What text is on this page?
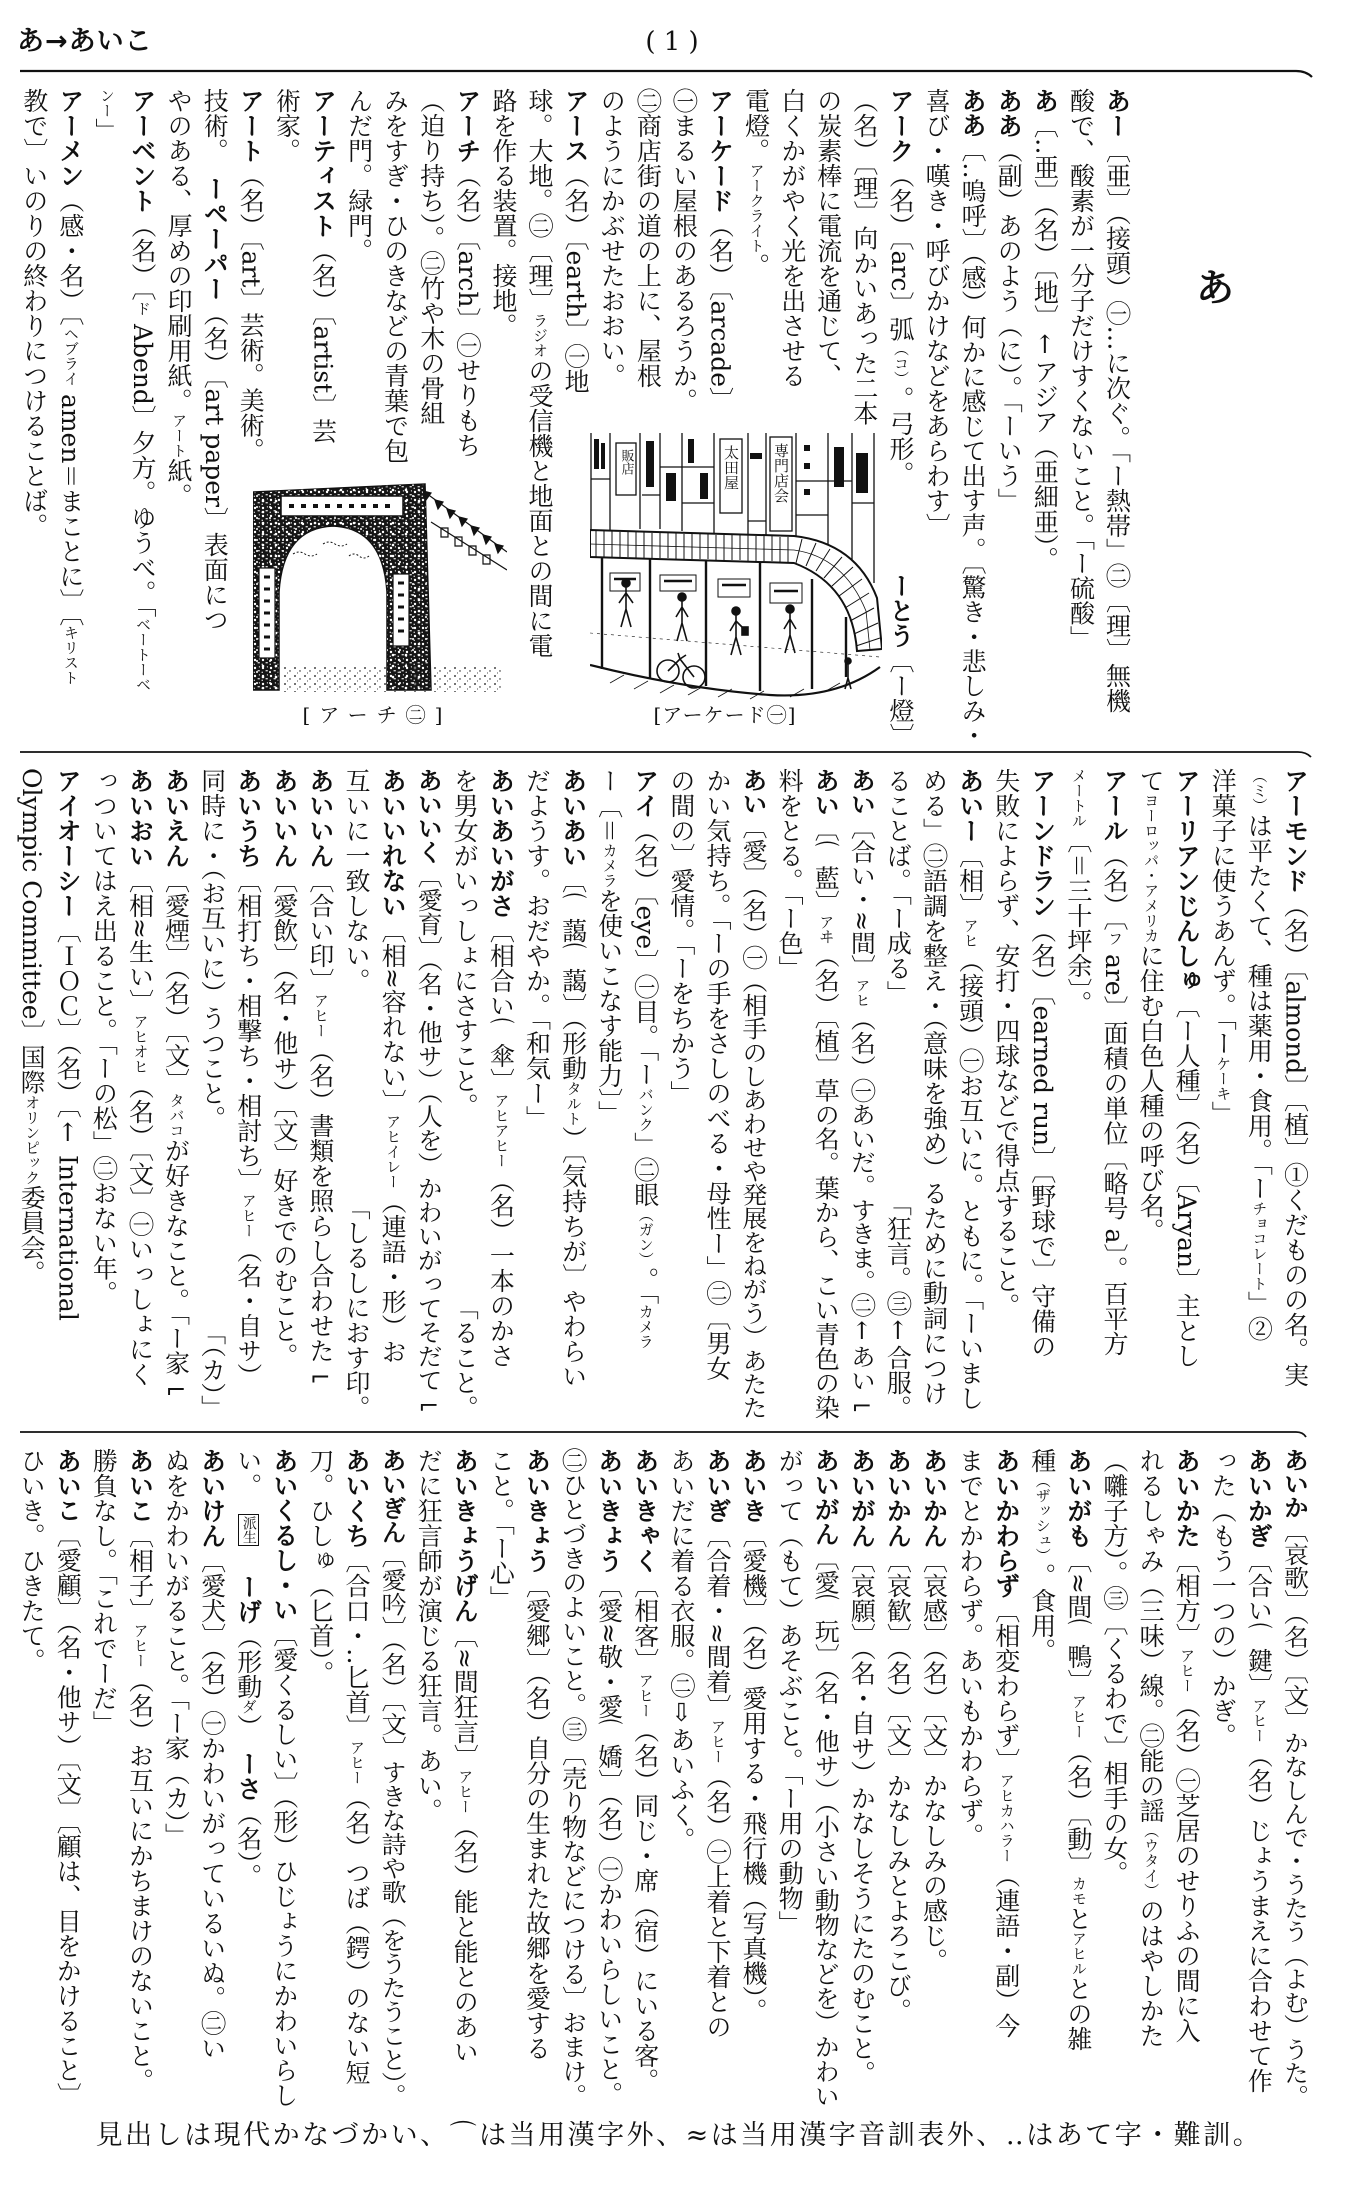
あ→あいこ	( 1 )
あ
あー
〔亜〕（接頭）㊀…に次ぐ。「ー熱帯」㊁〔理〕無機
酸で、酸素が一分子だけすくないこと。「ー硫酸」
あ
〔‥亜〕（名）〔地〕
↑
アジア（亜細亜）。
ああ
（副）あのよう（に）。「ーいう」
ああ
〔‥嗚呼〕（感）何かに感じて出す声。〔驚き・悲しみ・
喜び・嘆き・呼びかけなどをあらわす〕
アーク
（名）〔arc〕弧
（コ）
。弓形。
ーとう
〔ー燈〕
（名）〔理〕向かいあった二本
の炭素棒に電流を通じて、
白くかがやく光を出させる
電燈。
アークライト
。
アーケード
（名）〔arcade〕
㊀まるい屋根のあるろうか。
㊁商店街の道の上に、屋根
のようにかぶせたおおい。
アース
（名）〔earth〕㊀地
球。大地。㊁〔理〕
ラジオ
の受信機と地面との間に電
路を作る装置。接地。
アーチ
（名）〔arch〕㊀せりもち
（迫り持ち）。㊁竹や木の骨組
みをすぎ・ひのきなどの青葉で包
んだ門。緑門。
アーティスト
（名）〔artist〕芸
術家。
アート
（名）〔art〕芸術。美術。
技術。　
ーペーパー
（名）〔art paper〕表面につ
やのある、厚めの印刷用紙。
アート
紙。
アーベント
（名）〔
ド
Abend〕夕方。ゆうべ。「
ベートーベ
ンー
」
アーメン
（感・名）〔
ヘブライ
amen＝まことに〕〔
キリスト
教で〕いのりの終わりにつけることば。
アーモンド
（名）〔almond〕〔植〕①くだものの名。実
（ミ）
は平たくて、種は薬用・食用。「ー
チョコレート
」②
洋菓子に使うあんず。「ー
ケーキ
」
アーリアンじんしゅ
〔ー人種〕（名）〔Aryan〕主とし
て
ヨーロッパ・アメリカ
に住む白色人種の呼び名。
アール
（名）〔
フ
are〕面積の単位〔略号 a〕。百平方
メートル
〔＝三十坪余〕。
アーンドラン
（名）〔earned run〕〔野球で〕守備の
失敗によらず、安打・四球などで得点すること。
あいー
〔相〕
アヒ
（接頭）㊀お互いに。ともに。「ーいまし
める」㊁語調を整え・（意味を強め）るために動詞につけ
ることば。「ー成る」
「狂言。㊂
↑
合服。
あい
〔合い・≈間〕
アヒ
（名）㊀あいだ。すきま。㊁
↑
あい⌐
あい
〔⌒藍〕
アヰ
（名）〔植〕草の名。葉から、こい青色の染
料をとる。「ー色」
あい
〔愛〕（名）㊀（相手のしあわせや発展をねがう）あたた
かい気持ち。「ーの手をさしのべる・母性ー」㊁〔男女
の間の〕愛情。「ーをちかう」
アイ
（名）〔eye〕㊀目。「ー
バンク
」㊁眼
（ガン）
。「
カメラ
ー〔＝
カメラ
を使いこなす能力〕」
あいあい
〔⌒藹⌒藹〕（形動
タルト
）〔気持ちが〕やわらい
だようす。おだやか。「和気ー」
あいあいがさ
〔相合い⌒傘〕
アヒアヒー
（名）一本のかさ
を男女がいっしょにさすこと。
「ること。
あいいく
〔愛育〕（名・他サ）（人を）かわいがってそだて⌐
あいいれない
〔相≈容れない〕
アヒイレー
（連語・形）お
互いに一致しない。
「しるしにおす印。
あいいん
〔合い印〕
アヒー
（名）書類を照らし合わせた⌐
あいいん
〔愛飲〕（名・他サ）〔文〕好きでのむこと。
あいうち
〔相打ち・相撃ち・相討ち〕
アヒー
（名・自サ）
同時に・（お互いに）うつこと。
「（カ）」
あいえん
〔愛煙〕（名）〔文〕
タバコ
が好きなこと。「ー家⌐
あいおい
〔相≈生い〕
アヒオヒ
（名）〔文〕㊀いっしょにく
っついてはえ出ること。「ーの松」㊁おない年。
アイオーシー
〔ＩＯＣ〕（名）〔
↑
International
Olympic Committee〕国際
オリンピック
委員会。
あいか
〔哀歌〕（名）〔文〕かなしんで・うたう（よむ）うた。
あいかぎ
〔合い⌒鍵〕
アヒー
（名）じょうまえに合わせて作
った（もう一つの）かぎ。
あいかた
〔相方〕
アヒー
（名）㊀芝居のせりふの間に入
れるしゃみ（三味）線。㊁能の謡
（ウタイ）
のはやしかた
（囃子方）。㊂〔くるわで〕相手の女。
あいがも
〔≈間⌒鴨〕
アヒー
（名）〔動〕
カモ
と
アヒル
との雑
種
（ザッシュ）
。食用。
あいかわらず
〔相変わらず〕
アヒカハラー
（連語・副）今
までとかわらず。あいもかわらず。
あいかん
〔哀感〕（名）〔文〕かなしみの感じ。
あいかん
〔哀歓〕（名）〔文〕かなしみとよろこび。
あいがん
〔哀願〕（名・自サ）かなしそうにたのむこと。
あいがん
〔愛⌒玩〕（名・他サ）（小さい動物などを）かわい
がって（もて）あそぶこと。「ー用の動物」
あいき
〔愛機〕（名）愛用する・飛行機（写真機）。
あいぎ
〔合着・≈間着〕
アヒー
（名）㊀上着と下着との
あいだに着る衣服。㊁
⇩
あいふく。
あいきゃく
〔相客〕
アヒー
（名）同じ・席（宿）にいる客。
あいきょう
〔愛≈敬・愛⌒嬌〕（名）㊀かわいらしいこと。
㊁ひとづきのよいこと。㊂〔売り物などにつける〕おまけ。
あいきょう
〔愛郷〕（名）自分の生まれた故郷を愛する
こと。「ー心」
あいきょうげん
〔≈間狂言〕
アヒー
（名）能と能とのあい
だに狂言師が演じる狂言。あい。
あいぎん
〔愛吟〕（名）〔文〕すきな詩や歌（をうたうこと）。
あいくち
〔合口・‥匕首〕
アヒー
（名）つば（鍔）のない短
刀。ひしゅ（匕首）。
あいくるし・い
〔愛くるしい〕（形）ひじょうにかわいらし
い。　
派生
　ーげ
（形動
ダ
）　
ーさ
（名）。
あいけん
〔愛犬〕（名）㊀かわいがっているいぬ。㊁い
ぬをかわいがること。「ー家（カ）」
あいこ
〔相子〕
アヒー
（名）お互いにかちまけのないこと。
勝負なし。「これでーだ」
あいこ
〔愛顧〕（名・他サ）〔文〕〔顧は、目をかけること〕
ひいき。ひきたて。
販店	太田屋 専門店会
[アーケード㊀]
[アーチ㊁]
見出しは現代かなづかい、⌒は当用漢字外、≈は当用漢字音訓表外、‥はあて字・難訓。
